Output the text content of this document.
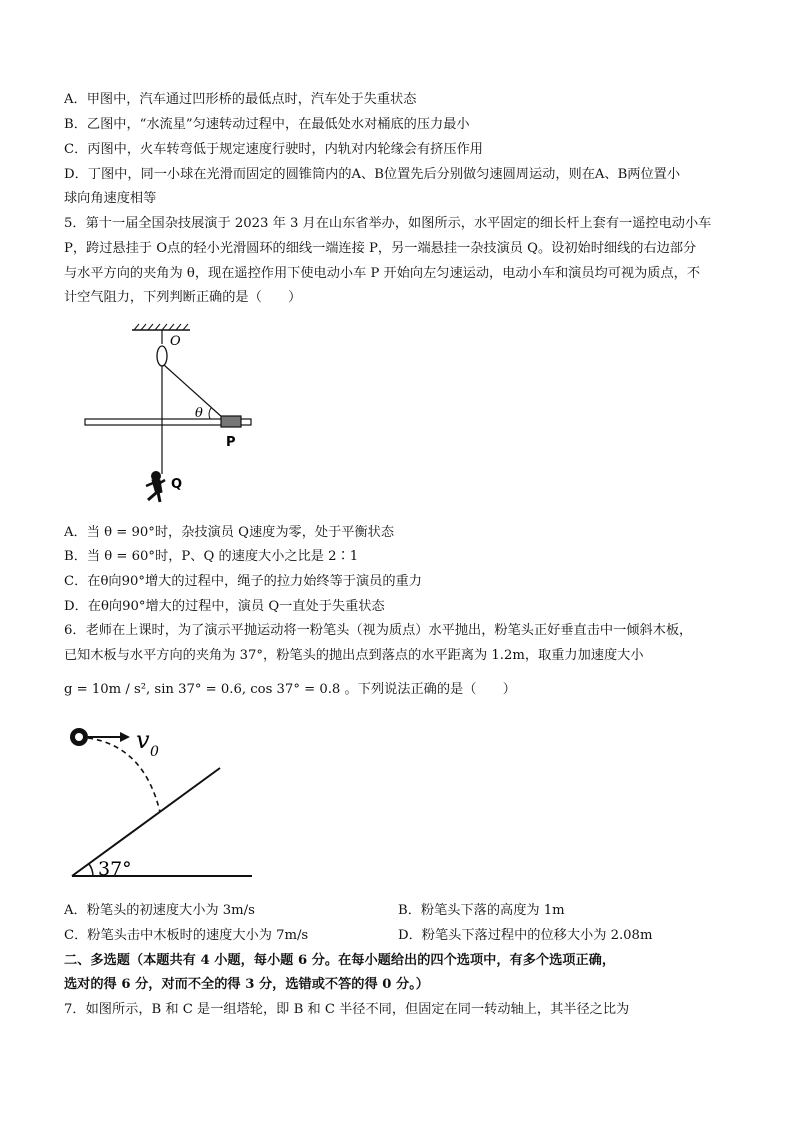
A．甲图中，汽车通过凹形桥的最低点时，汽车处于失重状态
B．乙图中，“水流星”匀速转动过程中，在最低处水对桶底的压力最小
C．丙图中，火车转弯低于规定速度行驶时，内轨对内轮缘会有挤压作用
D．丁图中，同一小球在光滑而固定的圆锥筒内的A、B位置先后分别做匀速圆周运动，则在A、B两位置小
球向角速度相等
5．第十一届全国杂技展演于 2023 年 3 月在山东省举办，如图所示，水平固定的细长杆上套有一遥控电动小车
P，跨过悬挂于 O点的轻小光滑圆环的细线一端连接 P，另一端悬挂一杂技演员 Q。设初始时细线的右边部分
与水平方向的夹角为 θ，现在遥控作用下使电动小车 P 开始向左匀速运动，电动小车和演员均可视为质点，不
计空气阻力，下列判断正确的是（　　）
O
P
θ
Q
A．当 θ = 90°时，杂技演员 Q速度为零，处于平衡状态
B．当 θ = 60°时，P、Q 的速度大小之比是 2∶1
C．在θ向90°增大的过程中，绳子的拉力始终等于演员的重力
D．在θ向90°增大的过程中，演员 Q一直处于失重状态
6．老师在上课时，为了演示平抛运动将一粉笔头（视为质点）水平抛出，粉笔头正好垂直击中一倾斜木板，
已知木板与水平方向的夹角为 37°，粉笔头的抛出点到落点的水平距离为 1.2m，取重力加速度大小
g = 10m / s², sin 37° = 0.6, cos 37° = 0.8 。下列说法正确的是（　　）
v 0
37°
A．粉笔头的初速度大小为 3m/s	B．粉笔头下落的高度为 1m
C．粉笔头击中木板时的速度大小为 7m/s	D．粉笔头下落过程中的位移大小为 2.08m
二、多选题（本题共有 4 小题，每小题 6 分。在每小题给出的四个选项中，有多个选项正确，
选对的得 6 分，对而不全的得 3 分，选错或不答的得 0 分。）
7．如图所示，B 和 C 是一组塔轮，即 B 和 C 半径不同，但固定在同一转动轴上，其半径之比为
